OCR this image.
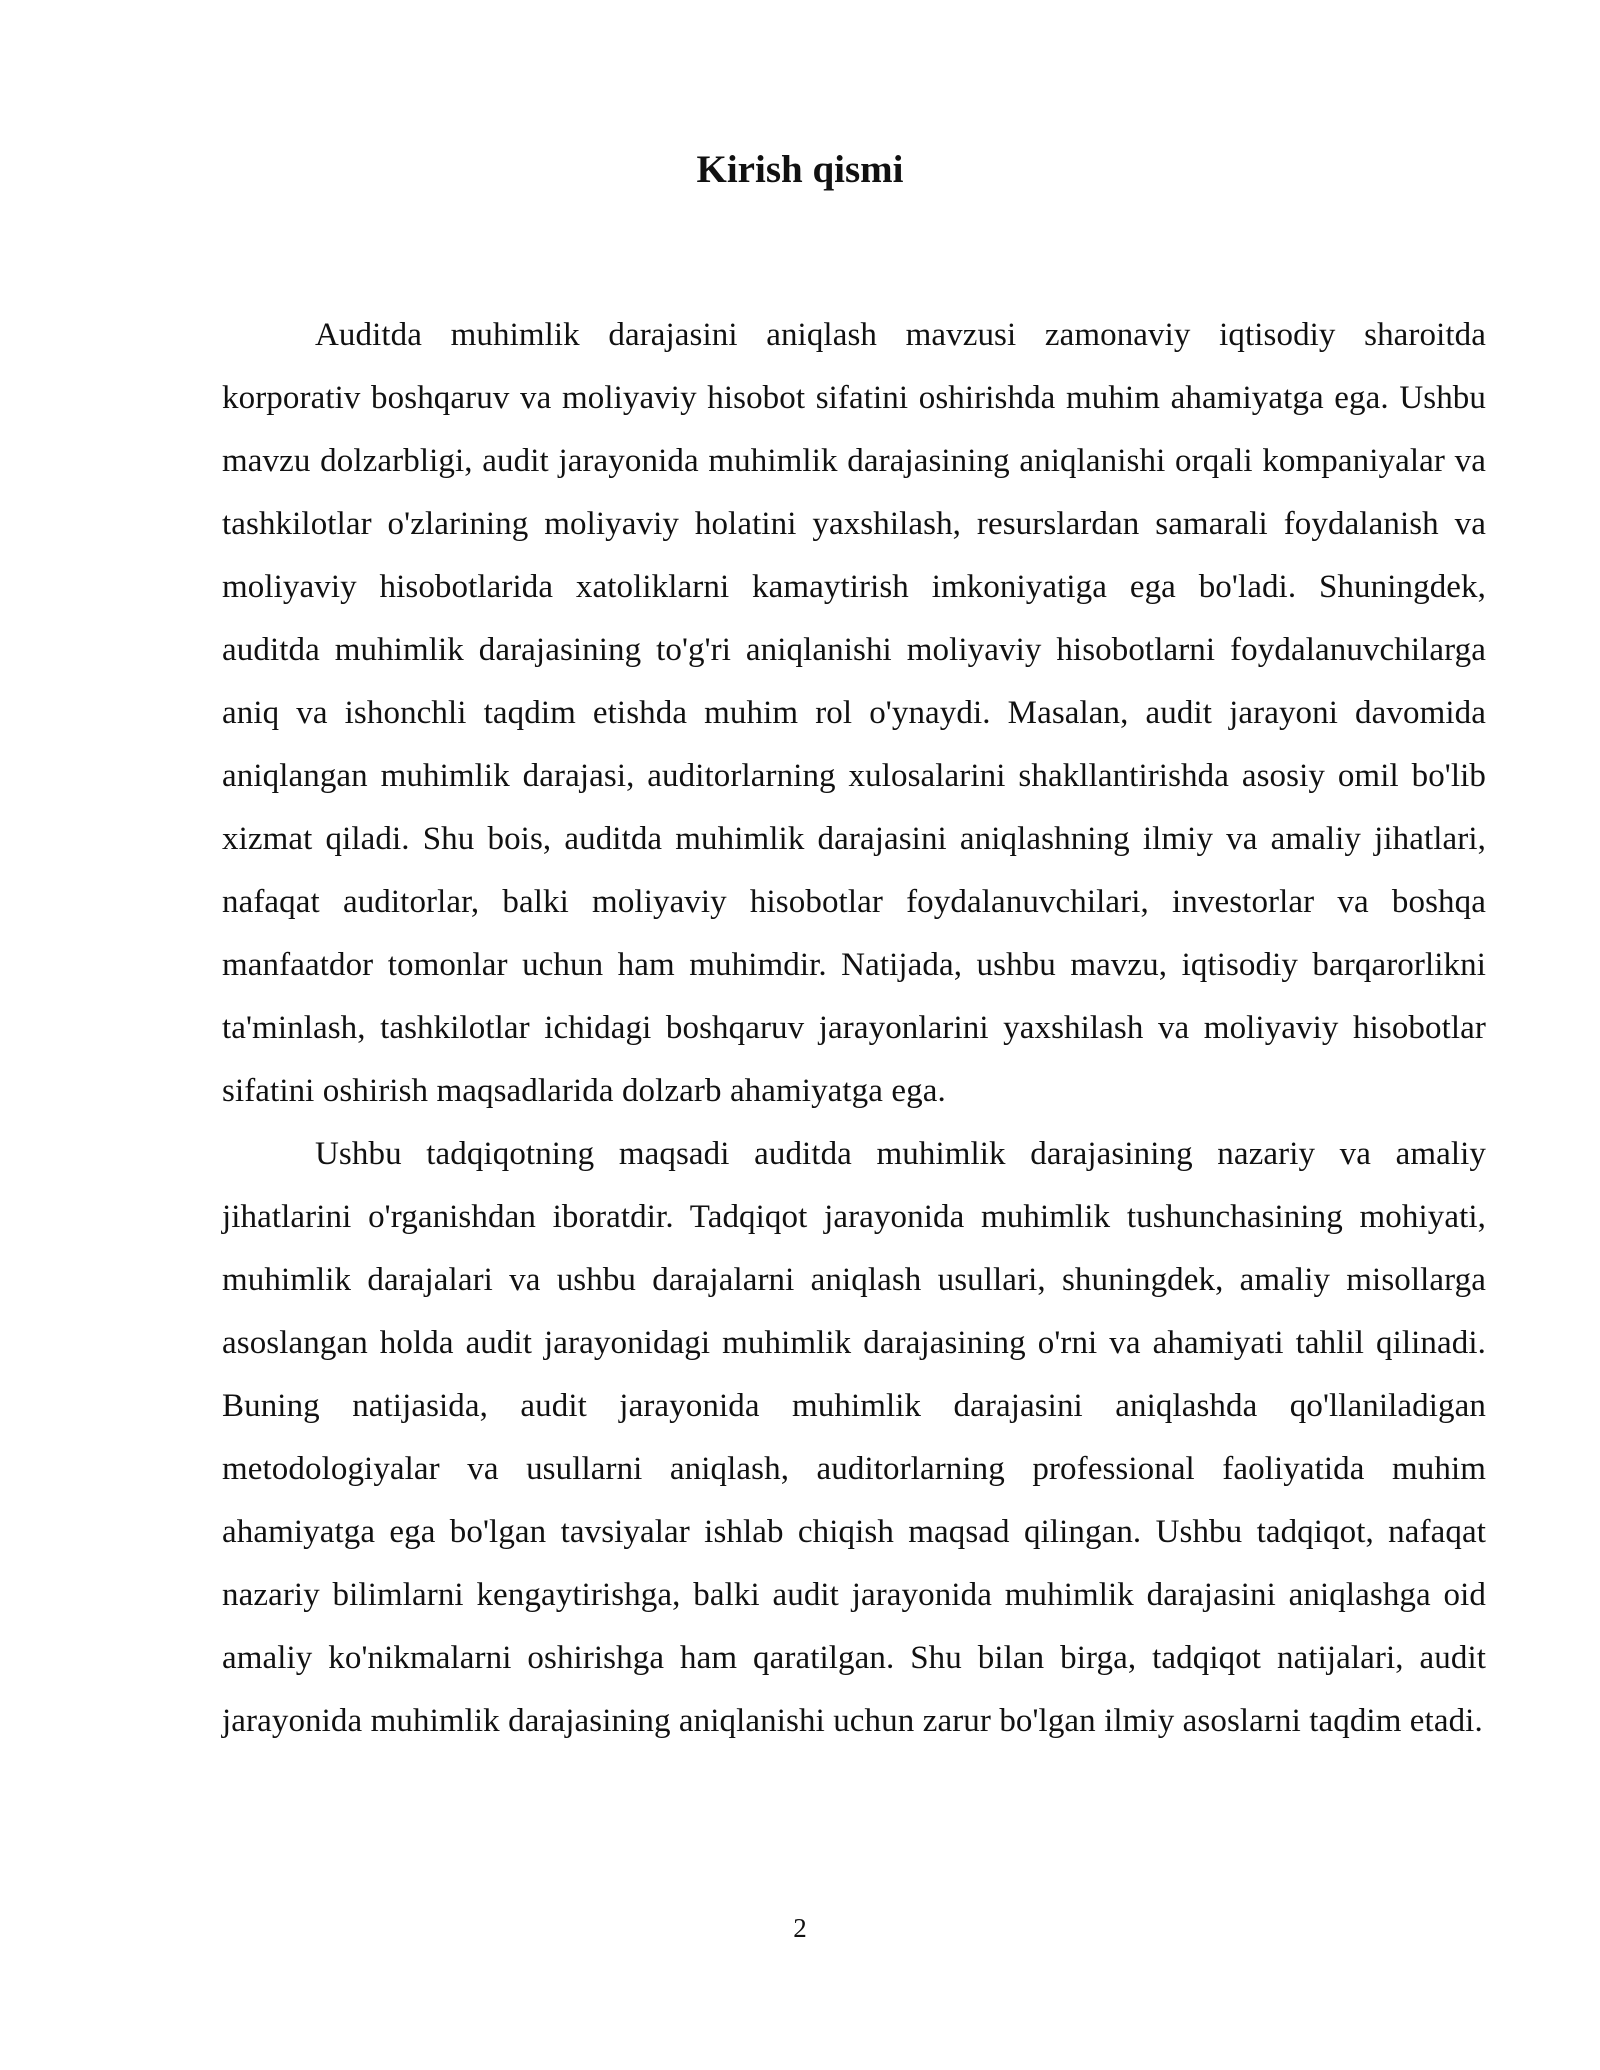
Kirish qismi

Auditda muhimlik darajasini aniqlash mavzusi zamonaviy iqtisodiy sharoitda korporativ boshqaruv va moliyaviy hisobot sifatini oshirishda muhim ahamiyatga ega. Ushbu mavzu dolzarbligi, audit jarayonida muhimlik darajasining aniqlanishi orqali kompaniyalar va tashkilotlar o'zlarining moliyaviy holatini yaxshilash, resurslardan samarali foydalanish va moliyaviy hisobotlarida xatoliklarni kamaytirish imkoniyatiga ega bo'ladi. Shuningdek, auditda muhimlik darajasining to'g'ri aniqlanishi moliyaviy hisobotlarni foydalanuvchilarga aniq va ishonchli taqdim etishda muhim rol o'ynaydi. Masalan, audit jarayoni davomida aniqlangan muhimlik darajasi, auditorlarning xulosalarini shakllantirishda asosiy omil bo'lib xizmat qiladi. Shu bois, auditda muhimlik darajasini aniqlashning ilmiy va amaliy jihatlari, nafaqat auditorlar, balki moliyaviy hisobotlar foydalanuvchilari, investorlar va boshqa manfaatdor tomonlar uchun ham muhimdir. Natijada, ushbu mavzu, iqtisodiy barqarorlikni ta'minlash, tashkilotlar ichidagi boshqaruv jarayonlarini yaxshilash va moliyaviy hisobotlar sifatini oshirish maqsadlarida dolzarb ahamiyatga ega.

Ushbu tadqiqotning maqsadi auditda muhimlik darajasining nazariy va amaliy jihatlarini o'rganishdan iboratdir. Tadqiqot jarayonida muhimlik tushunchasining mohiyati, muhimlik darajalari va ushbu darajalarni aniqlash usullari, shuningdek, amaliy misollarga asoslangan holda audit jarayonidagi muhimlik darajasining o'rni va ahamiyati tahlil qilinadi. Buning natijasida, audit jarayonida muhimlik darajasini aniqlashda qo'llaniladigan metodologiyalar va usullarni aniqlash, auditorlarning professional faoliyatida muhim ahamiyatga ega bo'lgan tavsiyalar ishlab chiqish maqsad qilingan. Ushbu tadqiqot, nafaqat nazariy bilimlarni kengaytirishga, balki audit jarayonida muhimlik darajasini aniqlashga oid amaliy ko'nikmalarni oshirishga ham qaratilgan. Shu bilan birga, tadqiqot natijalari, audit jarayonida muhimlik darajasining aniqlanishi uchun zarur bo'lgan ilmiy asoslarni taqdim etadi.

2
